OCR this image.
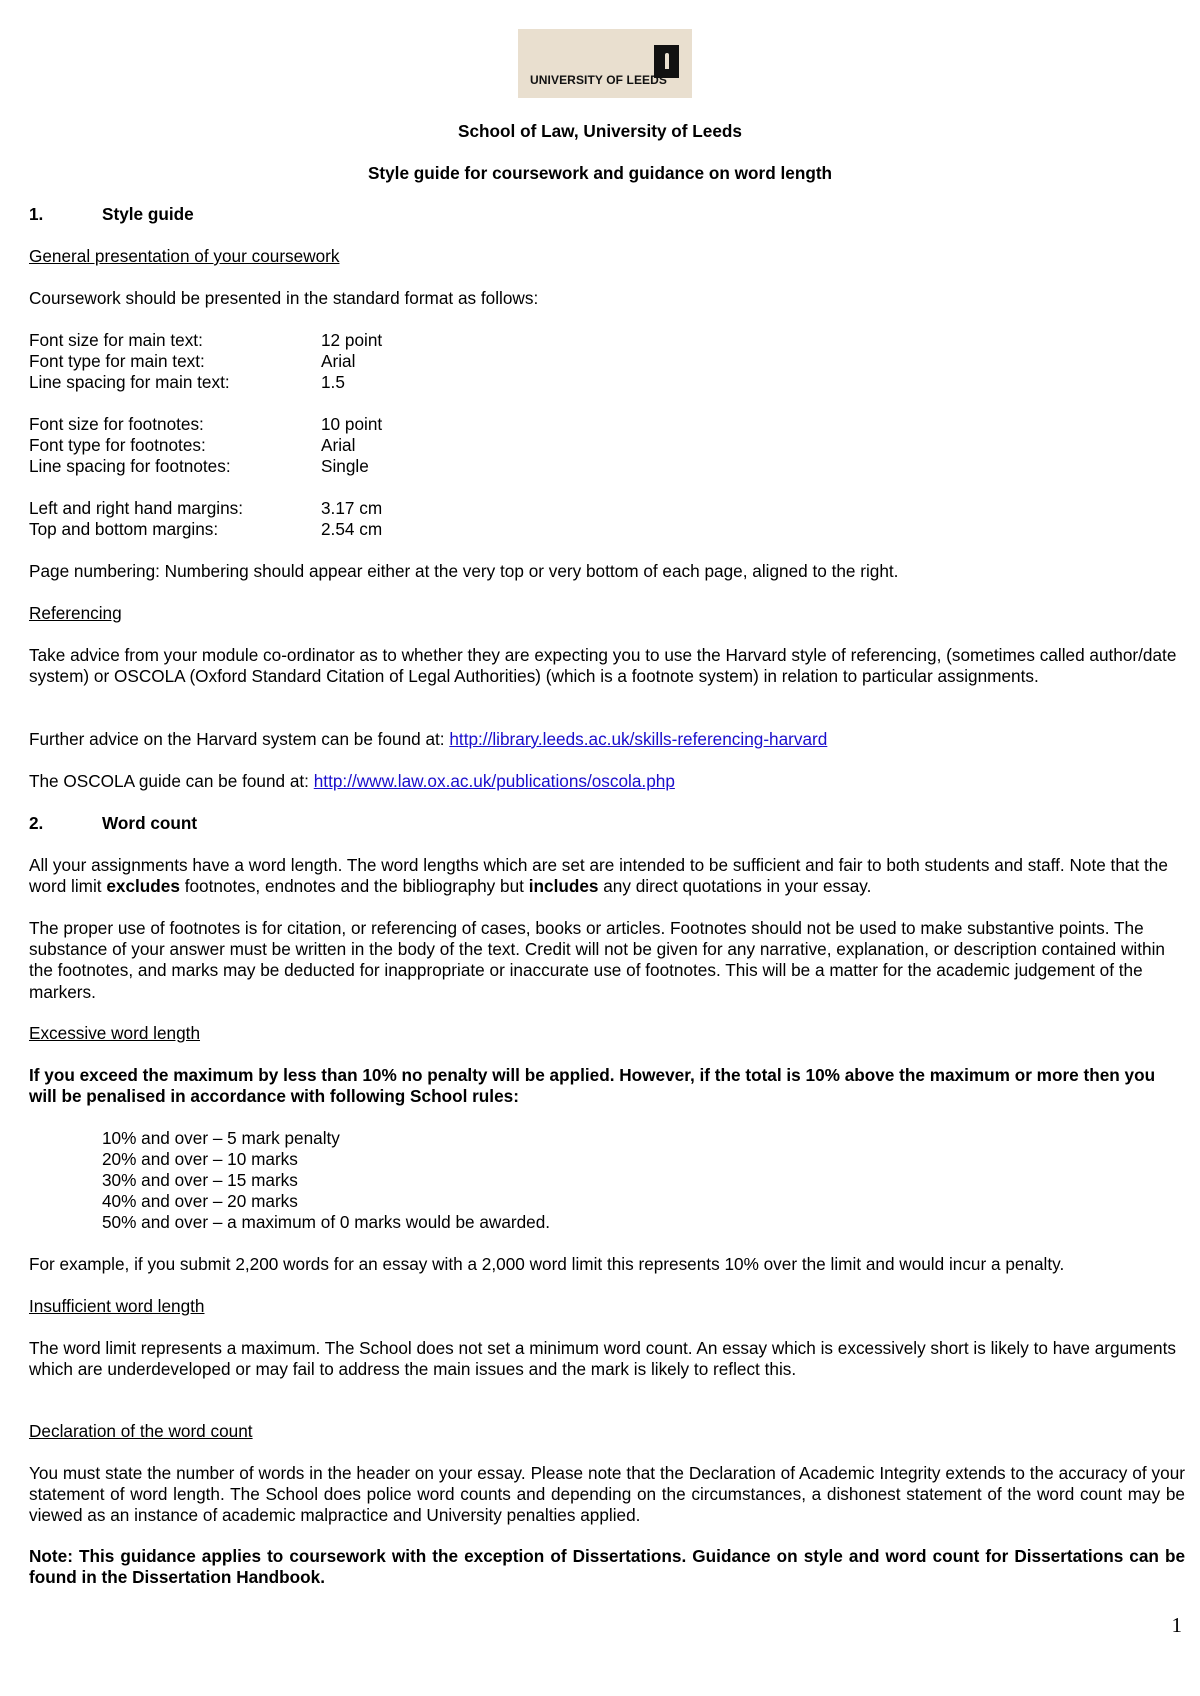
UNIVERSITY OF LEEDS
School of Law, University of Leeds
Style guide for coursework and guidance on word length
1.	Style guide
General presentation of your coursework
Coursework should be presented in the standard format as follows:
Font size for main text:	12 point
Font type for main text:	Arial
Line spacing for main text:	1.5
Font size for footnotes:	10 point
Font type for footnotes:	Arial
Line spacing for footnotes:	Single
Left and right hand margins:	3.17 cm
Top and bottom margins:	2.54 cm
Page numbering: Numbering should appear either at the very top or very bottom of each page, aligned to the right.
Referencing
Take advice from your module co-ordinator as to whether they are expecting you to use the Harvard style of referencing, (sometimes called author/date system) or OSCOLA (Oxford Standard Citation of Legal Authorities) (which is a footnote system) in relation to particular assignments.
Further advice on the Harvard system can be found at: http://library.leeds.ac.uk/skills-referencing-harvard
The OSCOLA guide can be found at: http://www.law.ox.ac.uk/publications/oscola.php
2.	Word count
All your assignments have a word length. The word lengths which are set are intended to be sufficient and fair to both students and staff. Note that the word limit excludes footnotes, endnotes and the bibliography but includes any direct quotations in your essay.
The proper use of footnotes is for citation, or referencing of cases, books or articles. Footnotes should not be used to make substantive points. The substance of your answer must be written in the body of the text. Credit will not be given for any narrative, explanation, or description contained within the footnotes, and marks may be deducted for inappropriate or inaccurate use of footnotes. This will be a matter for the academic judgement of the markers.
Excessive word length
If you exceed the maximum by less than 10% no penalty will be applied. However, if the total is 10% above the maximum or more then you will be penalised in accordance with following School rules:
10% and over – 5 mark penalty
20% and over – 10 marks
30% and over – 15 marks
40% and over – 20 marks
50% and over – a maximum of 0 marks would be awarded.
For example, if you submit 2,200 words for an essay with a 2,000 word limit this represents 10% over the limit and would incur a penalty.
Insufficient word length
The word limit represents a maximum. The School does not set a minimum word count. An essay which is excessively short is likely to have arguments which are underdeveloped or may fail to address the main issues and the mark is likely to reflect this.
Declaration of the word count
You must state the number of words in the header on your essay. Please note that the Declaration of Academic Integrity extends to the accuracy of your statement of word length. The School does police word counts and depending on the circumstances, a dishonest statement of the word count may be viewed as an instance of academic malpractice and University penalties applied.
Note: This guidance applies to coursework with the exception of Dissertations. Guidance on style and word count for Dissertations can be found in the Dissertation Handbook.
1
